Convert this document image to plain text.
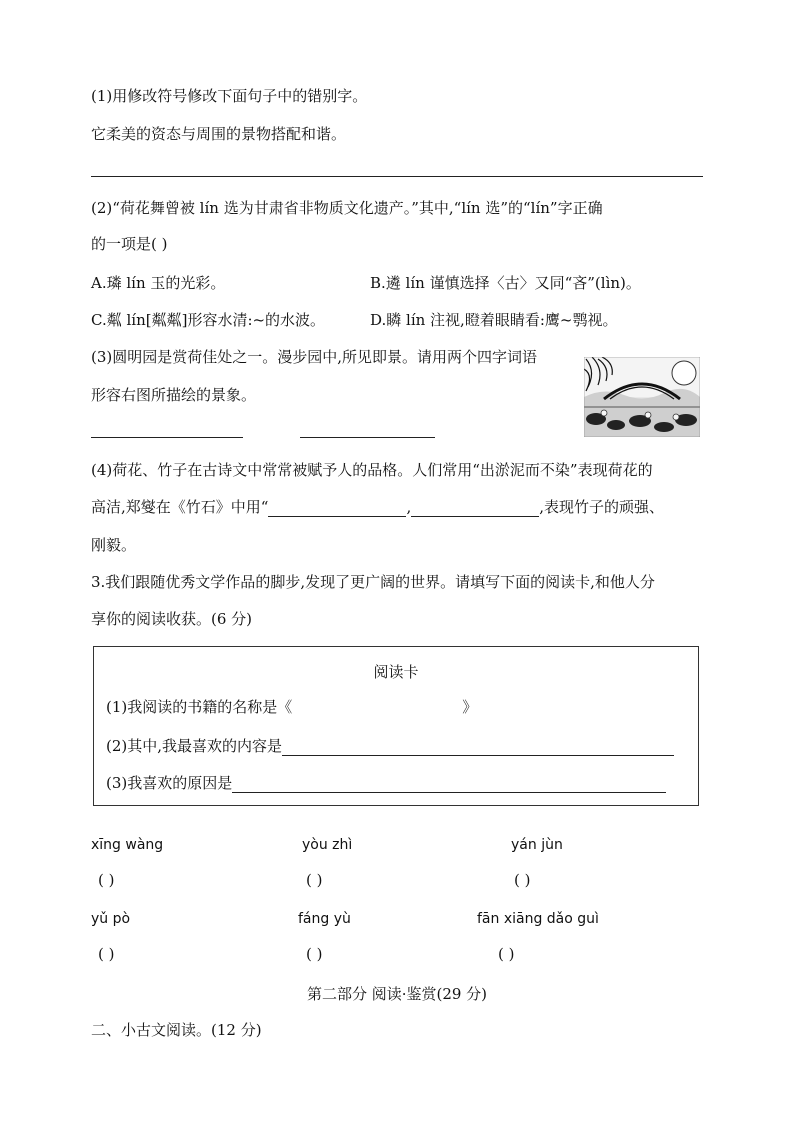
(1)用修改符号修改下面句子中的错别字。
它柔美的资态与周围的景物搭配和谐。
(2)“荷花舞曾被 lín 选为甘肃省非物质文化遗产。”其中,“lín 选”的“lín”字正确
的一项是( )
A.璘 lín 玉的光彩。	B.遴 lín 谨慎选择〈古〉又同“吝”(lìn)。
C.粼 lín[粼粼]形容水清:~的水波。	D.瞵 lín 注视,瞪着眼睛看:鹰~鹗视。
(3)圆明园是赏荷佳处之一。漫步园中,所见即景。请用两个四字词语
形容右图所描绘的景象。
(4)荷花、竹子在古诗文中常常被赋予人的品格。人们常用“出淤泥而不染”表现荷花的
高洁,郑燮在《竹石》中用“	,	,表现竹子的顽强、
刚毅。
3.我们跟随优秀文学作品的脚步,发现了更广阔的世界。请填写下面的阅读卡,和他人分
享你的阅读收获。(6 分)
阅读卡
(1)我阅读的书籍的名称是《	》
(2)其中,我最喜欢的内容是
(3)我喜欢的原因是
xīng wàng
( )
yòu zhì
( )
yán jùn
( )
yǔ pò
( )
fáng yù
( )
fān xiāng dǎo guì
( )
第二部分 阅读·鉴赏(29 分)
二、小古文阅读。(12 分)
